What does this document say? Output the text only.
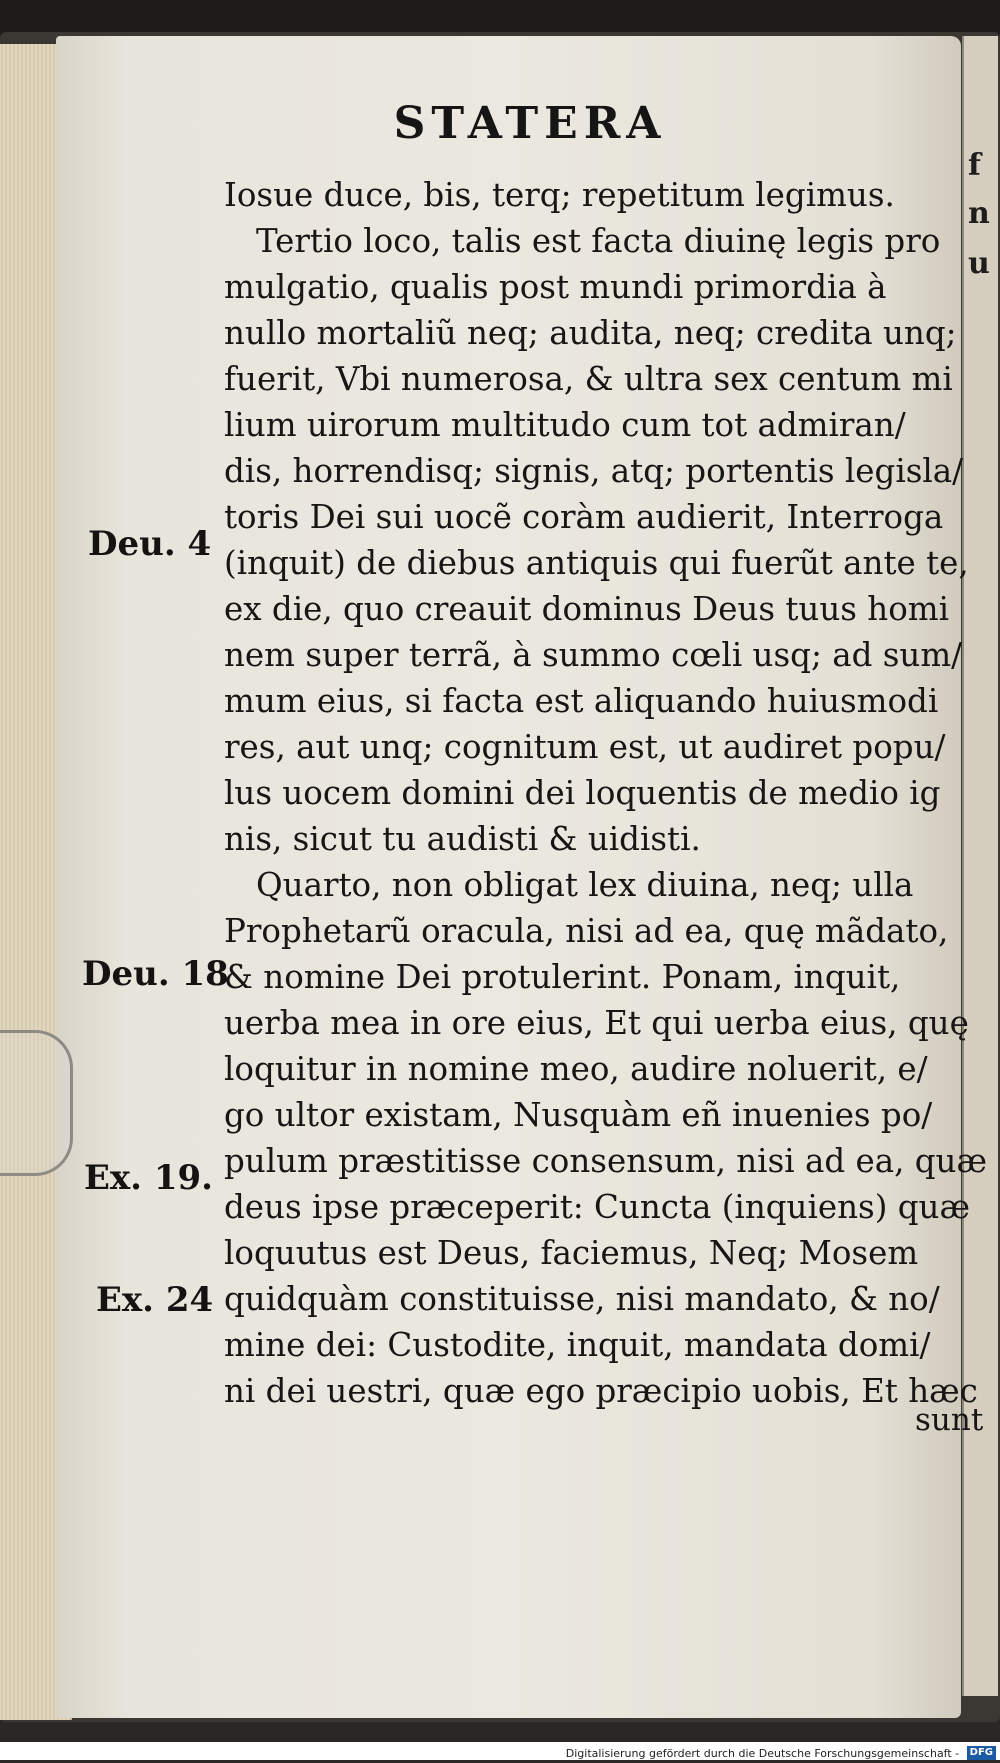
f
n
u
STATERA
Iosue duce, bis, terq; repetitum legimus.
Tertio loco, talis est facta diuinę legis pro
mulgatio, qualis post mundi primordia à
nullo mortaliũ neq; audita, neq; credita unq;
fuerit, Vbi numerosa, & ultra sex centum mi
lium uirorum multitudo cum tot admiran/
dis, horrendisq; signis, atq; portentis legisla/
toris Dei sui uocẽ coràm audierit, Interroga
(inquit) de diebus antiquis qui fuerũt ante te,
ex die, quo creauit dominus Deus tuus homi
nem super terrã, à summo cœli usq; ad sum/
mum eius, si facta est aliquando huiusmodi
res, aut unq; cognitum est, ut audiret popu/
lus uocem domini dei loquentis de medio ig
nis, sicut tu audisti & uidisti.
Quarto, non obligat lex diuina, neq; ulla
Prophetarũ oracula, nisi ad ea, quę mãdato,
& nomine Dei protulerint. Ponam, inquit,
uerba mea in ore eius, Et qui uerba eius, quę
loquitur in nomine meo, audire noluerit, e/
go ultor existam, Nusquàm eñ inuenies po/
pulum præstitisse consensum, nisi ad ea, quæ
deus ipse præceperit: Cuncta (inquiens) quæ
loquutus est Deus, faciemus, Neq; Mosem
quidquàm constituisse, nisi mandato, & no/
mine dei: Custodite, inquit, mandata domi/
ni dei uestri, quæ ego præcipio uobis, Et hæc
sunt
Deu. 4
Deu. 18
Ex. 19.
Ex. 24
Digitalisierung gefördert durch die Deutsche Forschungsgemeinschaft - DFG
